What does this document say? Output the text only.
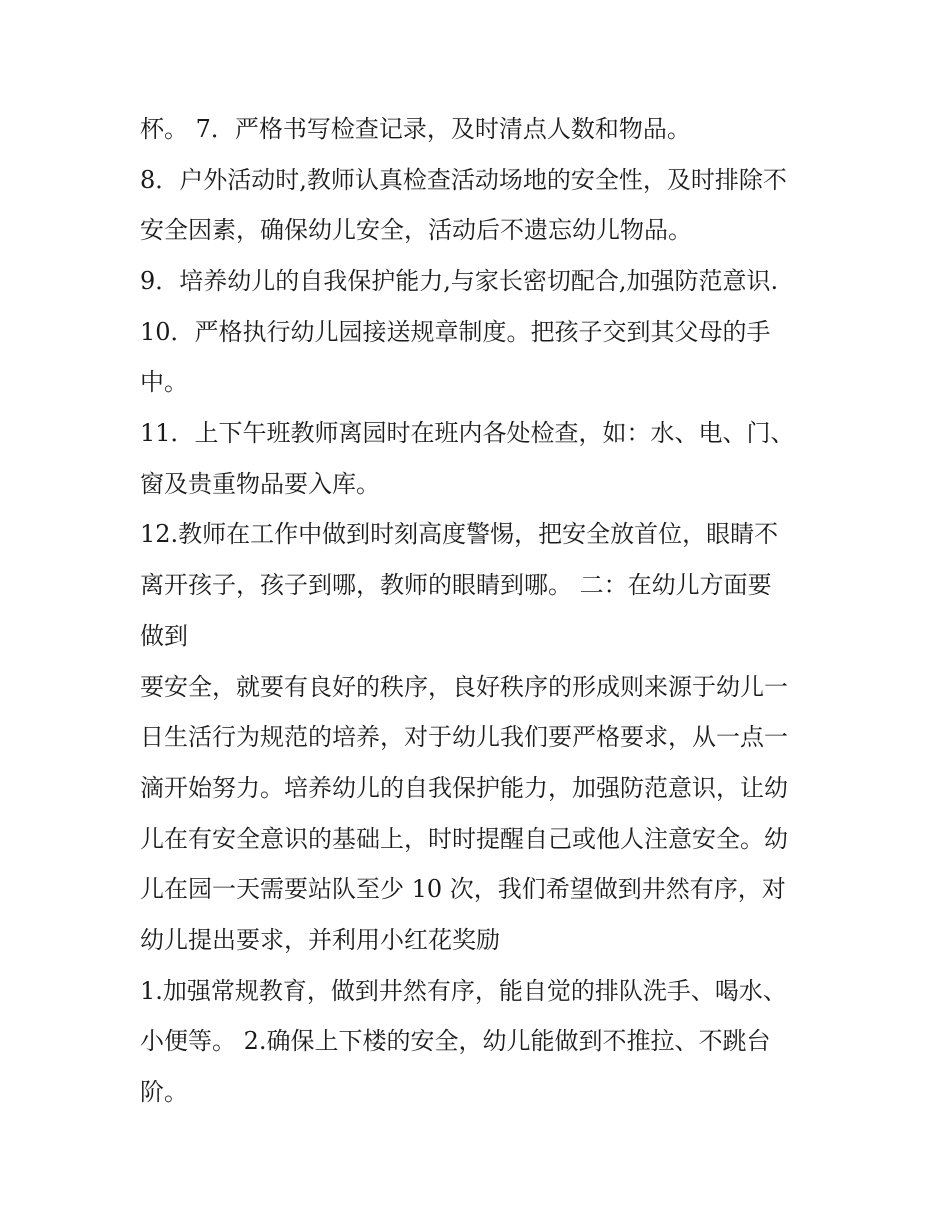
杯。 7．严格书写检查记录，及时清点人数和物品。
8．户外活动时,教师认真检查活动场地的安全性，及时排除不
安全因素，确保幼儿安全，活动后不遗忘幼儿物品。
9．培养幼儿的自我保护能力,与家长密切配合,加强防范意识.
10．严格执行幼儿园接送规章制度。把孩子交到其父母的手
中。
11．上下午班教师离园时在班内各处检查，如：水、电、门、
窗及贵重物品要入库。
12.教师在工作中做到时刻高度警惕，把安全放首位，眼睛不
离开孩子，孩子到哪，教师的眼睛到哪。 二：在幼儿方面要
做到
要安全，就要有良好的秩序，良好秩序的形成则来源于幼儿一
日生活行为规范的培养，对于幼儿我们要严格要求，从一点一
滴开始努力。培养幼儿的自我保护能力，加强防范意识，让幼
儿在有安全意识的基础上，时时提醒自己或他人注意安全。幼
儿在园一天需要站队至少 10 次，我们希望做到井然有序，对
幼儿提出要求，并利用小红花奖励
1.加强常规教育，做到井然有序，能自觉的排队洗手、喝水、
小便等。 2.确保上下楼的安全，幼儿能做到不推拉、不跳台
阶。
